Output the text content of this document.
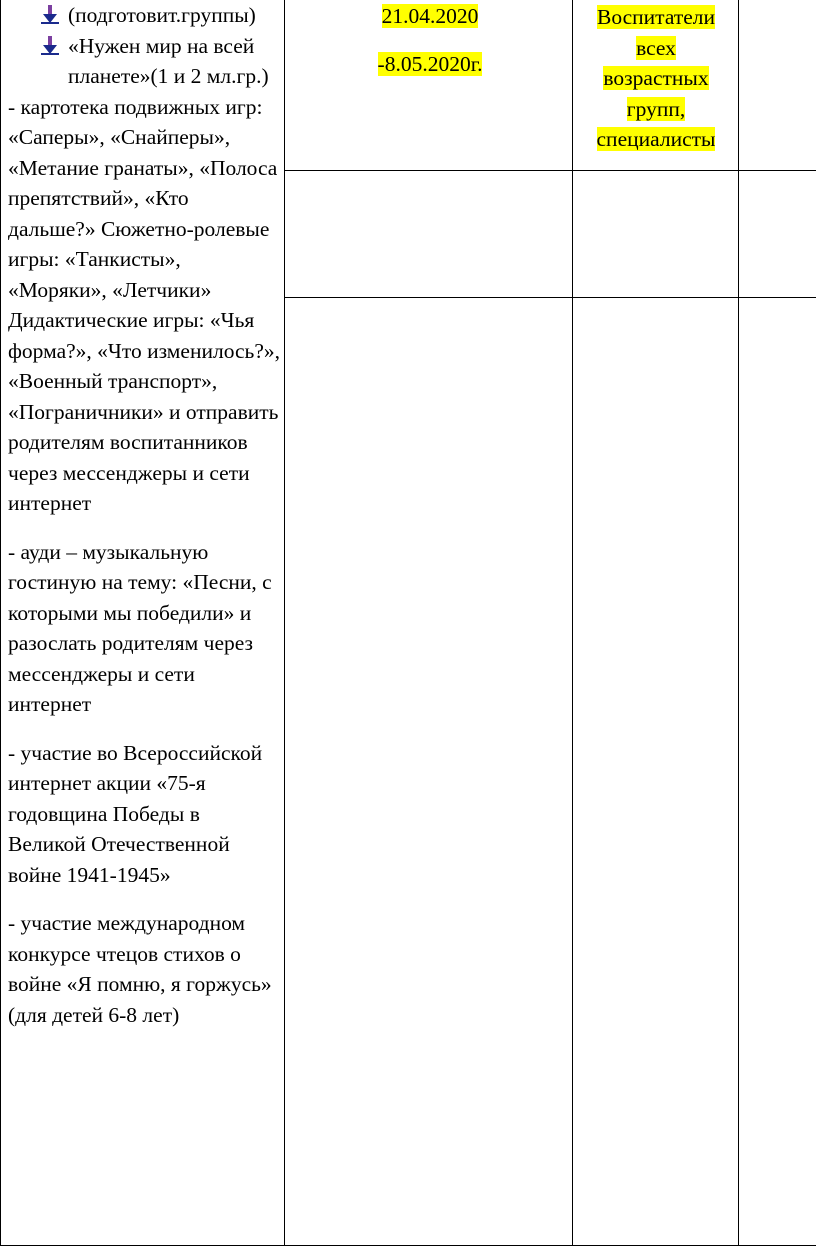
(подготовит.группы)
«Нужен мир на всей планете»(1 и 2 мл.гр.)

- картотека подвижных игр: «Саперы», «Снайперы», «Метание гранаты», «Полоса препятствий», «Кто дальше?» Сюжетно-ролевые игры: «Танкисты», «Моряки», «Летчики» Дидактические игры: «Чья форма?», «Что изменилось?», «Военный транспорт», «Пограничники» и отправить родителям воспитанников через мессенджеры и сети интернет

- ауди – музыкальную гостиную на тему: «Песни, с которыми мы победили» и разослать родителям через мессенджеры и сети интернет

- участие во Всероссийской интернет акции «75-я годовщина Победы в Великой Отечественной войне 1941-1945»

- участие международном конкурсе чтецов стихов о войне «Я помню, я горжусь» (для детей 6-8 лет)

21.04.2020
-8.05.2020г.
Воспитатели
всех
возрастных
групп,
специалисты
